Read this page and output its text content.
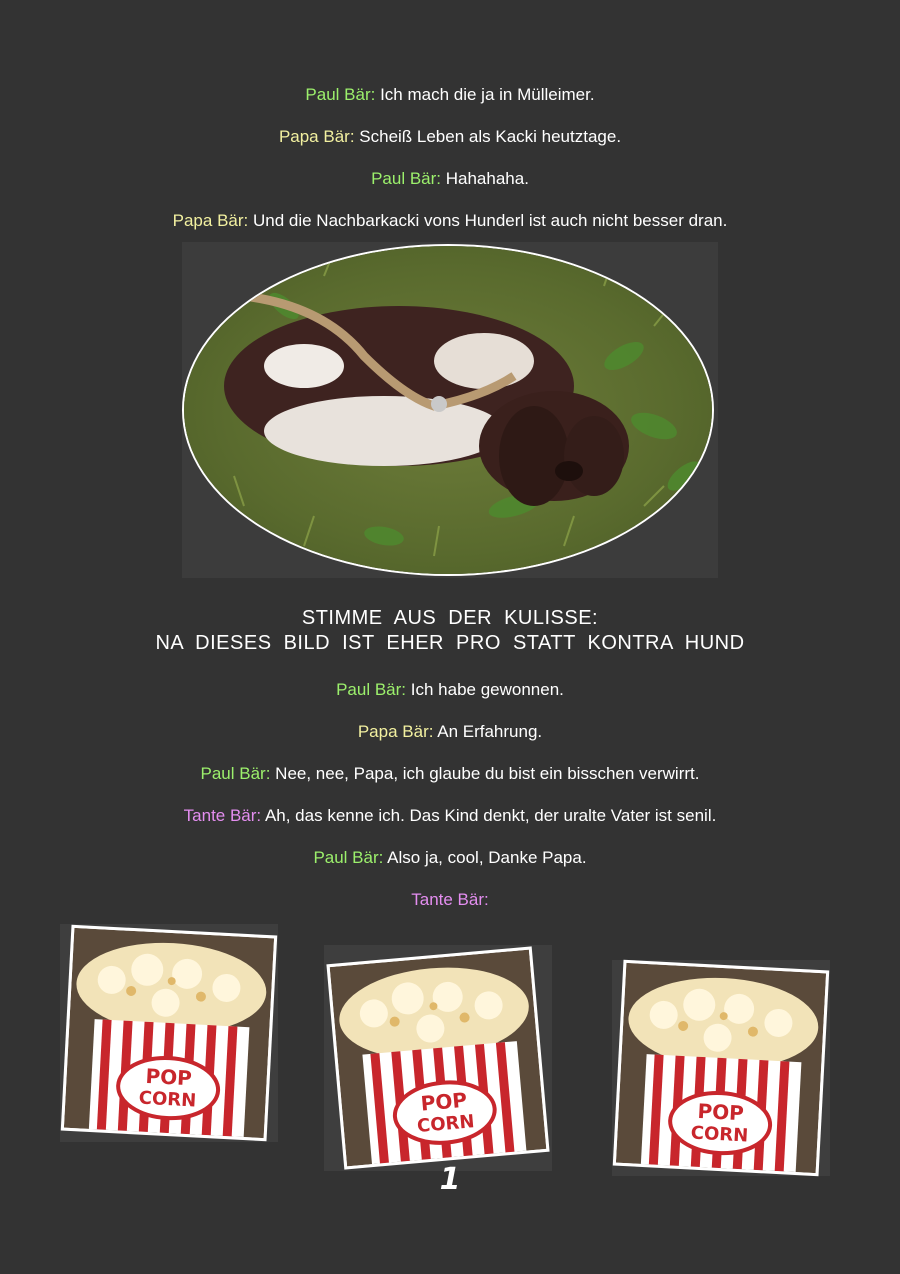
Paul Bär: Ich mach die ja in Mülleimer.
Papa Bär: Scheiß Leben als Kacki heutztage.
Paul Bär: Hahahaha.
Papa Bär: Und die Nachbarkacki vons Hunderl ist auch nicht besser dran.
STIMME AUS DER KULISSE:
NA DIESES BILD IST EHER PRO STATT KONTRA HUND
Paul Bär: Ich habe gewonnen.
Papa Bär: An Erfahrung.
Paul Bär: Nee, nee, Papa, ich glaube du bist ein bisschen verwirrt.
Tante Bär: Ah, das kenne ich. Das Kind denkt, der uralte Vater ist senil.
Paul Bär: Also ja, cool, Danke Papa.
Tante Bär:
POP
CORN	POP
CORN	POP
CORN
1
